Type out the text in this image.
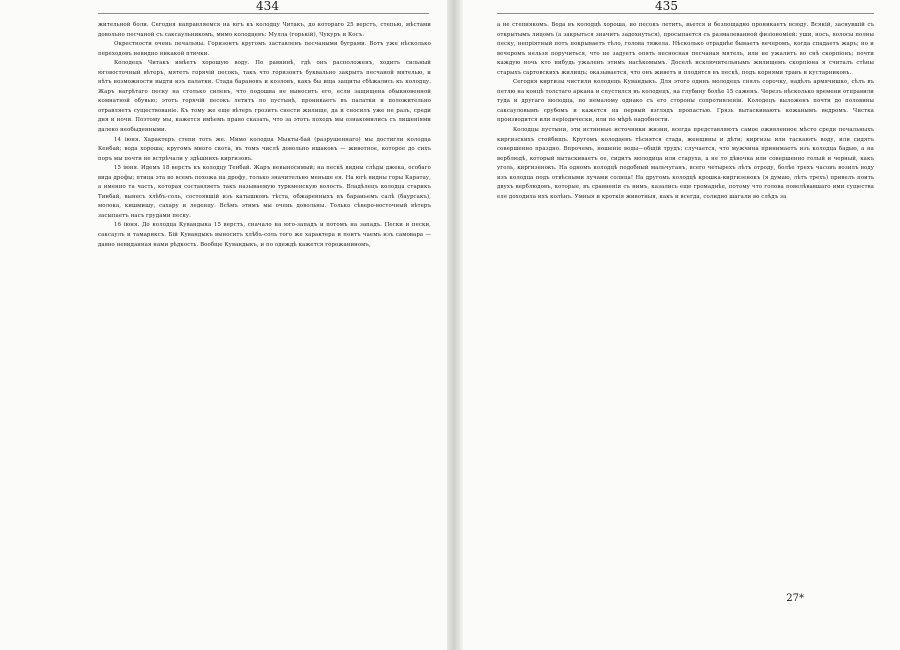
434

жительной боли. Сегодня направляемся на югъ къ колодцу Читакъ, до котораго 25 верстъ, степью, мѣстами довольно песчаной съ саксаульникомъ, мимо колодцевъ: Мулла (горькій), Чукуръ и Косъ.

Окрестности очень печальны. Горизонтъ кругомъ заставленъ песчаными буграми. Вотъ уже нѣсколько переходовъ невидно никакой птички.

Колодецъ Читакъ имѣетъ хорошую воду. По равнинѣ, гдѣ онъ расположенъ, ходитъ сильный юговосточный вѣтеръ, мятетъ горячій песокъ, такъ что горизонтъ буквально закрытъ песчаной мятелью, и нѣтъ возможности выдти изъ палатки. Стада барановъ и козловъ, какъ бы ища защиты сбѣжались къ колодцу. Жаръ нагрѣтаго песку на столько силенъ, что подошва не выноситъ его, если защищена обыкновенной комнатной обувью; этотъ горячій песокъ летитъ по пустынѣ, проникаетъ въ палатки и положительно отравляетъ существованіе. Къ тому же еще вѣтеръ грозитъ снести жилище, да и сносилъ уже не разъ, среди дня и ночи. Поэтому мы, кажется имѣемъ право сказать, что за этотъ походъ мы ознакомились съ лишеніями далеко необыденными.

14 іюня. Характеръ степи тотъ же. Мимо колодца Мыкты-бай (разрушеннаго) мы достигли колодца Кенбай; вода хороша; кругомъ много скота, въ томъ числѣ довольно ишаковъ — животное, которое до сихъ поръ мы почти не встрѣчали у здѣшнихъ киргизовъ.

15 іюня. Идемъ 18 верстъ къ колодцу Тенбай. Жаръ невыносимый; на пескѣ видны слѣды джека, особаго вида дрофы; птица эта во всемъ похожа на дрофу, только значительно меньше ея. На югѣ видны горы Каратау, а именно та часть, которая составляетъ такъ называемую туркменскую волость. Владѣлецъ колодца старикъ Тинбай, вынесъ хлѣбъ-соль, состоявшій изъ катышковъ тѣста, обжаренныхъ въ бараньемъ салѣ (баурсакъ), молока, кишмишу, сахару и леденцу. Всѣмъ этимъ мы очень довольны. Только сѣверо-восточный вѣтеръ засыпаетъ насъ грудами песку.

16 іюня. До колодца Кувандыка 15 верстъ, сначало на юго-западъ и потомъ на западъ. Пески и пески, саксаулъ и тамариксъ. Бій Кувандыкъ выноситъ хлѣбъ-соль того же характера и поитъ чаемъ изъ самовара — давно невиданная нами рѣдкость. Вообще Кувандыкъ, и по одеждѣ кажется горожаниномъ,

435

а не степнякомъ. Вода въ колодцѣ хороша, но песокъ летитъ, вьется и безпощадно проникаетъ всюду. Всякій, заснувшій съ открытымъ лицомъ (а закрыться значитъ задохнуться), просыпается съ размалеванной физіономіей: уши, носъ, волосы полны песку, непріятный потъ покрываетъ тѣло, голова тяжела. Нѣсколько отраднѣе бываетъ вечеромъ, когда спадаетъ жаръ; но и вечеромъ нельзя поручиться, что не задуетъ опять несносная песчаная мятель, или не ужалитъ во снѣ скорпіонъ; почти каждую ночь кто нибудь ужаленъ этимъ насѣкомымъ. Доселѣ исключительнымъ жилищемъ скорпіона я считалъ стѣны старыхъ сартовскихъ жилищъ; оказывается, что онъ живетъ и плодится въ пескѣ, подъ корнями травъ и кустарниковъ.

Сегодня киргизы чистили колодецъ Кувандыкъ. Для этого одинъ молодецъ снялъ сорочку, надѣлъ армячишко, сѣлъ въ петлю на концѣ толстаго аркана и спустился въ колодецъ, на глубину болѣе 15 саженъ. Черезъ нѣсколько времени отправили туда и другаго молодца, по немалому однако съ его стороны сопротивленіи. Колодецъ выложенъ почти до половины саксауловымъ срубомъ и кажется на первый взглядъ пропастью. Грязь вытаскиваютъ кожанымъ ведромъ. Чистка производится или періодически, или по мѣрѣ надобности.

Колодцы пустыни, эти истинные источники жизни, всегда представляютъ самое оживленное мѣсто среди печальныхъ киргизскихъ стойбищъ. Кругомъ колодцевъ тѣснятся стада, женщины и дѣти; киргизы или таскаютъ воду, или сидятъ совершенно праздно. Впрочемъ, ношеніе воды—общій трудъ; случается, что мужчина принимаетъ изъ колодца бадью, а на верблюдѣ, который вытаскиваетъ ее, сидитъ молодица или старуха, а не то дѣвочка или совершенно голый и черный, какъ уголь, киргизенокъ. На одномъ колодцѣ подобный мальчуганъ, всего четырехъ лѣтъ отроду, болѣе трехъ часовъ возилъ воду изъ колодца подъ отвѣсными лучами солнца! На другомъ колодцѣ крошка-киргизенокъ (я думаю, лѣтъ трехъ) привелъ поить двухъ верблюдовъ, которые, въ сравненіи съ нимъ, казались еще громаднѣе, потому что голова повелѣвавшаго ими существа еле доходила ихъ колѣнъ. Умныя и кроткія животныя, какъ и всегда, солидно шагали во слѣдъ за

27*
